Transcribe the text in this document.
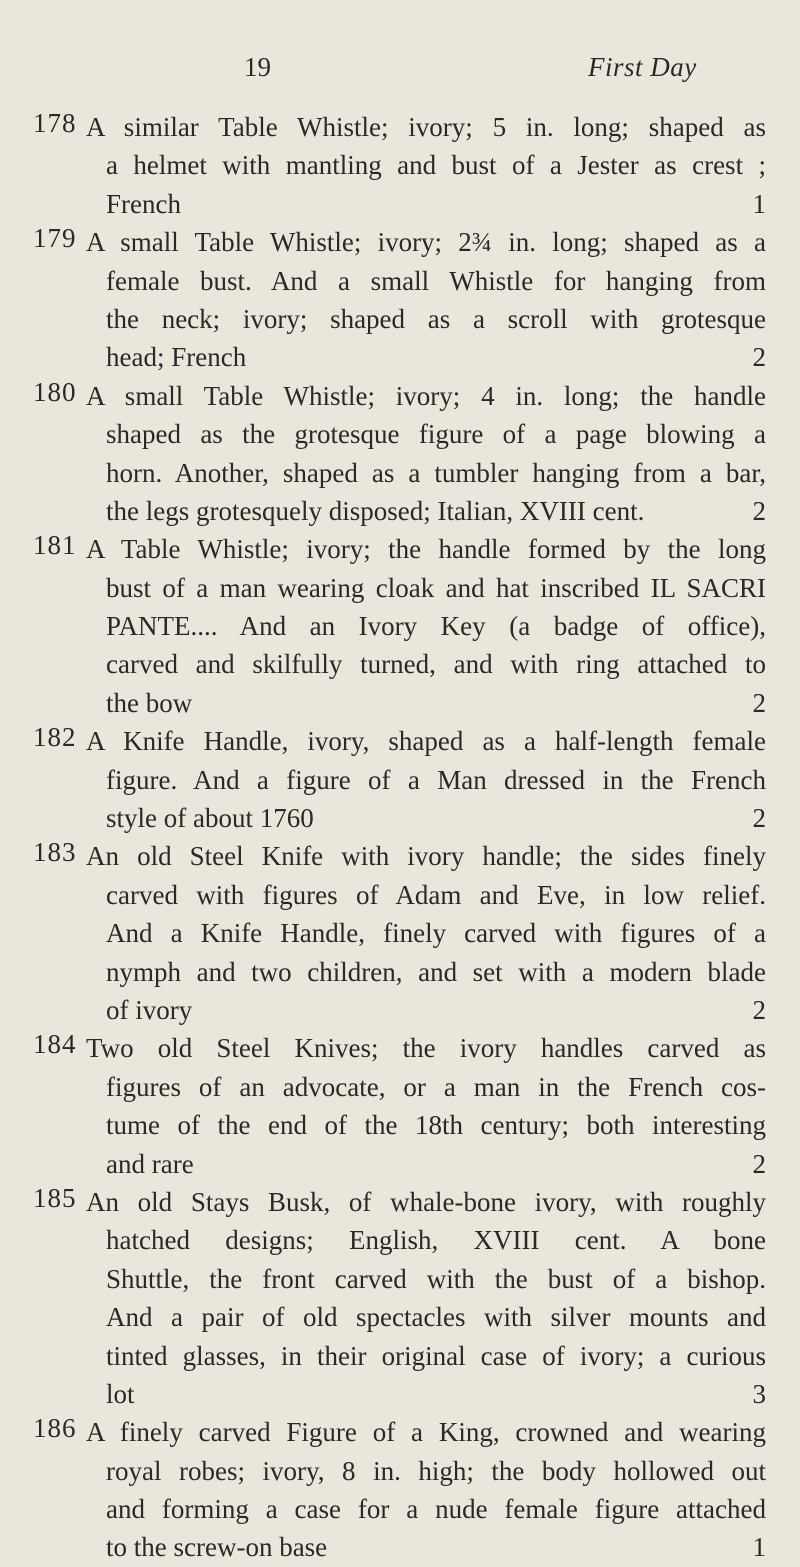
19	First Day
178 A similar Table Whistle; ivory; 5 in. long; shaped as
a helmet with mantling and bust of a Jester as crest ;
French	1
179 A small Table Whistle; ivory; 2¾ in. long; shaped as a
female bust. And a small Whistle for hanging from
the neck; ivory; shaped as a scroll with grotesque
head; French	2
180 A small Table Whistle; ivory; 4 in. long; the handle
shaped as the grotesque figure of a page blowing a
horn. Another, shaped as a tumbler hanging from a bar,
the legs grotesquely disposed; Italian, XVIII cent.	2
181 A Table Whistle; ivory; the handle formed by the long
bust of a man wearing cloak and hat inscribed IL SACRI
PANTE.... And an Ivory Key (a badge of office),
carved and skilfully turned, and with ring attached to
the bow	2
182 A Knife Handle, ivory, shaped as a half-length female
figure. And a figure of a Man dressed in the French
style of about 1760	2
183 An old Steel Knife with ivory handle; the sides finely
carved with figures of Adam and Eve, in low relief.
And a Knife Handle, finely carved with figures of a
nymph and two children, and set with a modern blade
of ivory	2
184 Two old Steel Knives; the ivory handles carved as
figures of an advocate, or a man in the French cos-
tume of the end of the 18th century; both interesting
and rare	2
185 An old Stays Busk, of whale-bone ivory, with roughly
hatched designs; English, XVIII cent. A bone
Shuttle, the front carved with the bust of a bishop.
And a pair of old spectacles with silver mounts and
tinted glasses, in their original case of ivory; a curious
lot	3
186 A finely carved Figure of a King, crowned and wearing
royal robes; ivory, 8 in. high; the body hollowed out
and forming a case for a nude female figure attached
to the screw-on base	1
